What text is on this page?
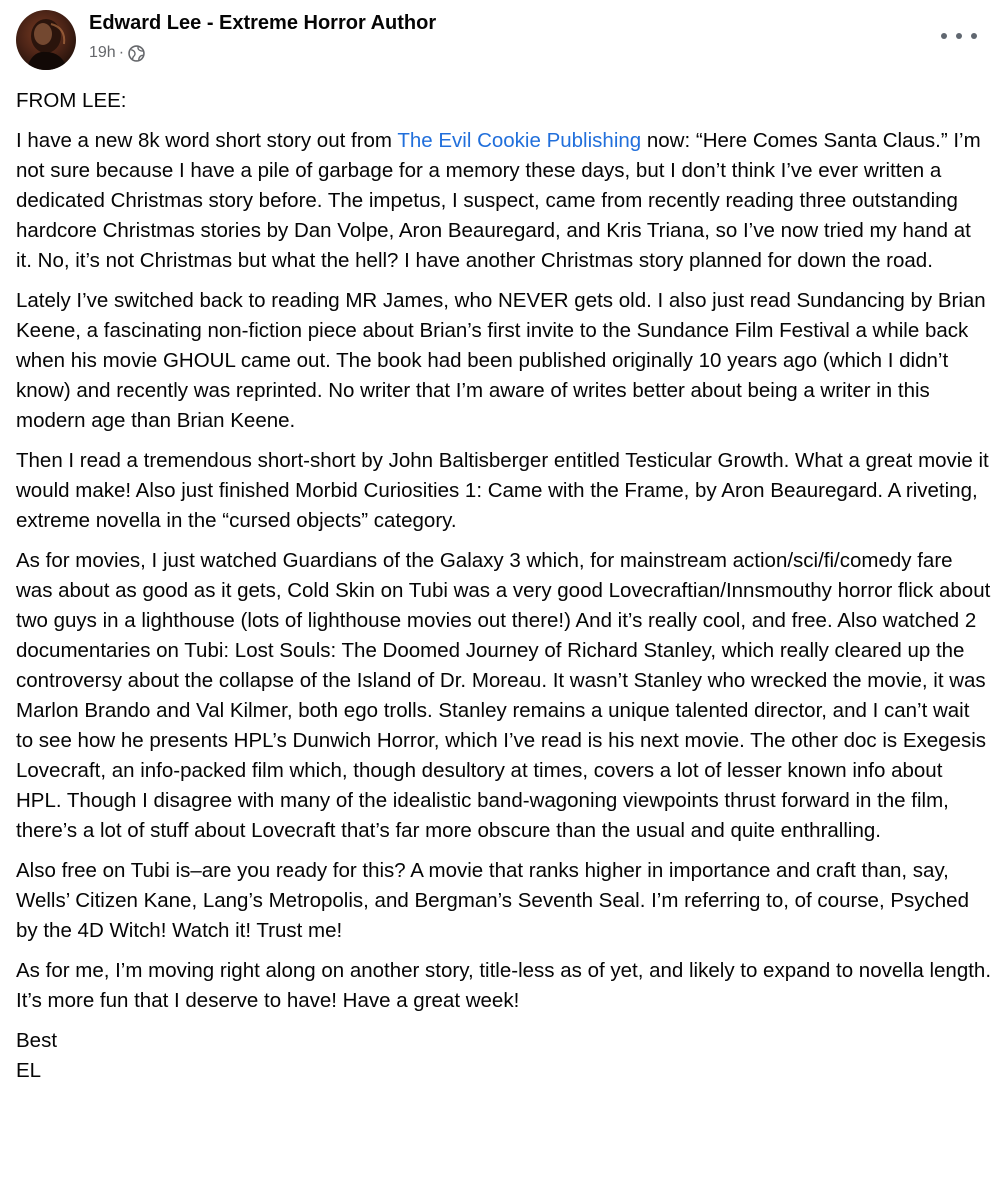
Edward Lee - Extreme Horror Author
19h ·

FROM LEE:

I have a new 8k word short story out from The Evil Cookie Publishing now: “Here Comes Santa Claus.” I’m not sure because I have a pile of garbage for a memory these days, but I don’t think I’ve ever written a dedicated Christmas story before. The impetus, I suspect, came from recently reading three outstanding hardcore Christmas stories by Dan Volpe, Aron Beauregard, and Kris Triana, so I’ve now tried my hand at it. No, it’s not Christmas but what the hell? I have another Christmas story planned for down the road.

Lately I’ve switched back to reading MR James, who NEVER gets old. I also just read Sundancing by Brian Keene, a fascinating non-fiction piece about Brian’s first invite to the Sundance Film Festival a while back when his movie GHOUL came out. The book had been published originally 10 years ago (which I didn’t know) and recently was reprinted. No writer that I’m aware of writes better about being a writer in this modern age than Brian Keene.

Then I read a tremendous short-short by John Baltisberger entitled Testicular Growth. What a great movie it would make! Also just finished Morbid Curiosities 1: Came with the Frame, by Aron Beauregard. A riveting, extreme novella in the “cursed objects” category.

As for movies, I just watched Guardians of the Galaxy 3 which, for mainstream action/sci/fi/comedy fare was about as good as it gets, Cold Skin on Tubi was a very good Lovecraftian/Innsmouthy horror flick about two guys in a lighthouse (lots of lighthouse movies out there!) And it’s really cool, and free. Also watched 2 documentaries on Tubi: Lost Souls: The Doomed Journey of Richard Stanley, which really cleared up the controversy about the collapse of the Island of Dr. Moreau. It wasn’t Stanley who wrecked the movie, it was Marlon Brando and Val Kilmer, both ego trolls. Stanley remains a unique talented director, and I can’t wait to see how he presents HPL’s Dunwich Horror, which I’ve read is his next movie. The other doc is Exegesis Lovecraft, an info-packed film which, though desultory at times, covers a lot of lesser known info about HPL. Though I disagree with many of the idealistic band-wagoning viewpoints thrust forward in the film, there’s a lot of stuff about Lovecraft that’s far more obscure than the usual and quite enthralling.

Also free on Tubi is–are you ready for this? A movie that ranks higher in importance and craft than, say, Wells’ Citizen Kane, Lang’s Metropolis, and Bergman’s Seventh Seal. I’m referring to, of course, Psyched by the 4D Witch! Watch it! Trust me!

As for me, I’m moving right along on another story, title-less as of yet, and likely to expand to novella length. It’s more fun that I deserve to have! Have a great week!

Best

EL
